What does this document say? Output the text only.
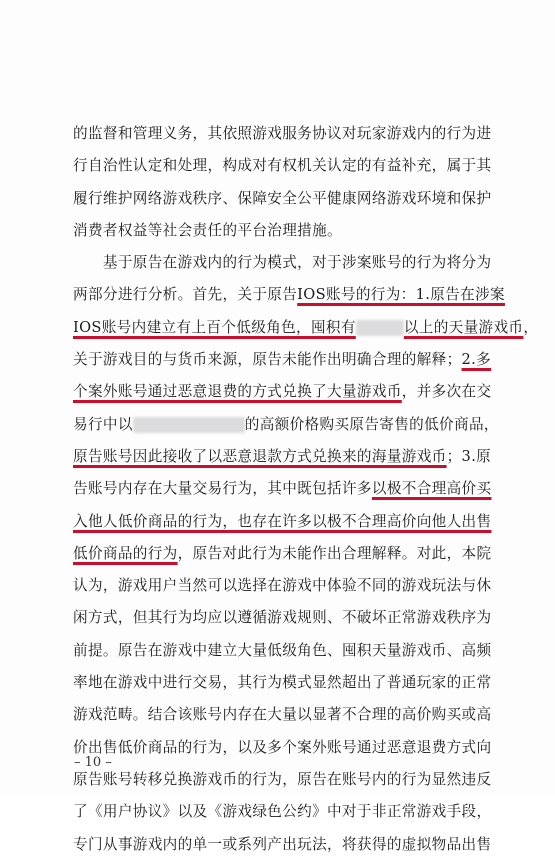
的监督和管理义务，其依照游戏服务协议对玩家游戏内的行为进
行自治性认定和处理，构成对有权机关认定的有益补充，属于其
履行维护网络游戏秩序、保障安全公平健康网络游戏环境和保护
消费者权益等社会责任的平台治理措施。
　　基于原告在游戏内的行为模式，对于涉案账号的行为将分为
两部分进行分析。首先，关于原告IOS账号的行为：1.原告在涉案
IOS账号内建立有上百个低级角色，囤积有	以上的天量游戏币，
关于游戏目的与货币来源，原告未能作出明确合理的解释；2.多
个案外账号通过恶意退费的方式兑换了大量游戏币，并多次在交
易行中以	的高额价格购买原告寄售的低价商品，
原告账号因此接收了以恶意退款方式兑换来的海量游戏币；3.原
告账号内存在大量交易行为，其中既包括许多以极不合理高价买
入他人低价商品的行为，也存在许多以极不合理高价向他人出售
低价商品的行为，原告对此行为未能作出合理解释。对此，本院
认为，游戏用户当然可以选择在游戏中体验不同的游戏玩法与休
闲方式，但其行为均应以遵循游戏规则、不破坏正常游戏秩序为
前提。原告在游戏中建立大量低级角色、囤积天量游戏币、高频
率地在游戏中进行交易，其行为模式显然超出了普通玩家的正常
游戏范畴。结合该账号内存在大量以显著不合理的高价购买或高
价出售低价商品的行为，以及多个案外账号通过恶意退费方式向
原告账号转移兑换游戏币的行为，原告在账号内的行为显然违反
了《用户协议》以及《游戏绿色公约》中对于非正常游戏手段，
专门从事游戏内的单一或系列产出玩法，将获得的虚拟物品出售
– 10 –
